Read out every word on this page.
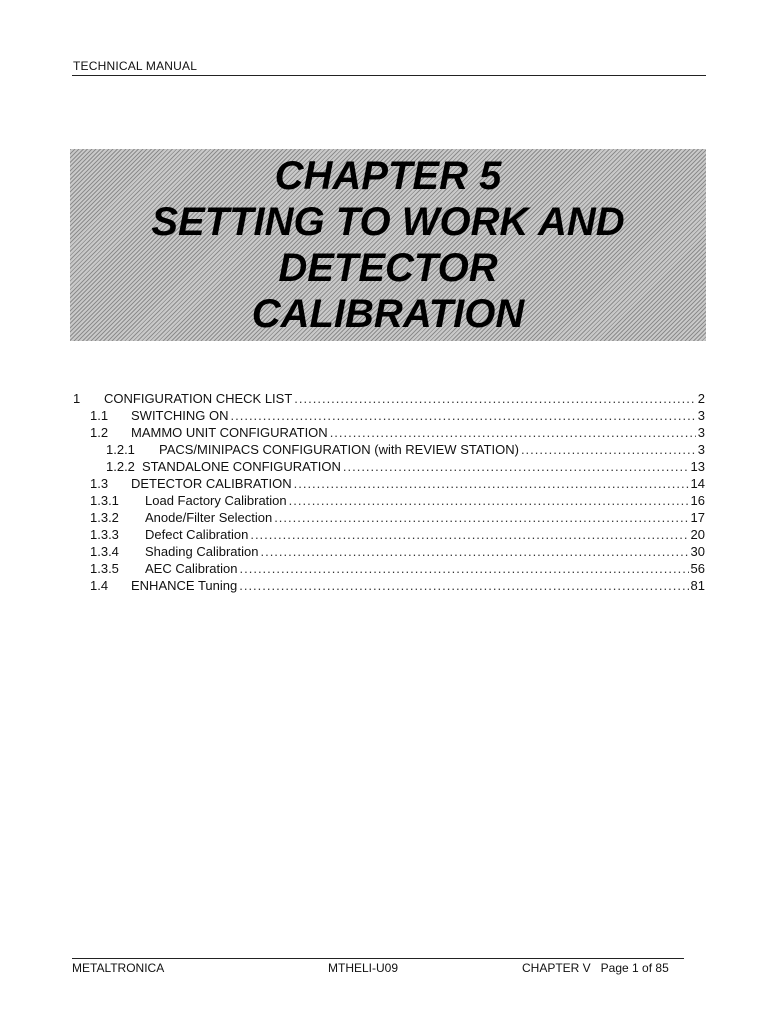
TECHNICAL MANUAL
CHAPTER 5
SETTING TO WORK AND
DETECTOR
CALIBRATION
1	CONFIGURATION CHECK LIST .....	2
1.1	SWITCHING ON .....	3
1.2	MAMMO UNIT CONFIGURATION .....	3
1.2.1	PACS/MINIPACS CONFIGURATION (with REVIEW STATION) .....	3
1.2.2 STANDALONE CONFIGURATION .....	13
1.3	DETECTOR CALIBRATION .....	14
1.3.1	Load Factory Calibration .....	16
1.3.2	Anode/Filter Selection .....	17
1.3.3	Defect Calibration .....	20
1.3.4	Shading Calibration .....	30
1.3.5	AEC Calibration .....	56
1.4	ENHANCE Tuning .....	81
METALTRONICA	MTHELI-U09	CHAPTER V   Page 1 of 85
